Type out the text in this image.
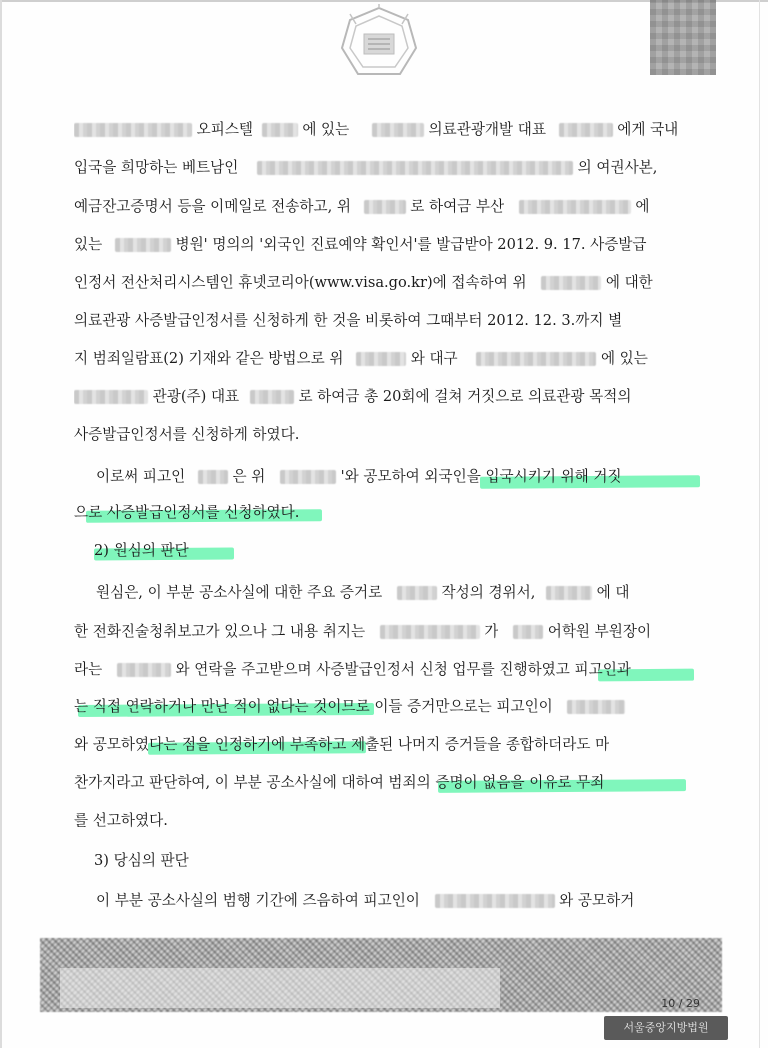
오피스텔	에 있는	의료관광개발 대표	에게 국내
입국을 희망하는 베트남인	의 여권사본,
예금잔고증명서 등을 이메일로 전송하고, 위	로 하여금 부산	에
있는	병원' 명의의 '외국인 진료예약 확인서'를 발급받아 2012. 9. 17. 사증발급
인정서 전산처리시스템인 휴넷코리아(www.visa.go.kr)에 접속하여 위	에 대한
의료관광 사증발급인정서를 신청하게 한 것을 비롯하여 그때부터 2012. 12. 3.까지 별
지 범죄일람표(2) 기재와 같은 방법으로 위	와 대구	에 있는
관광(주) 대표	로 하여금 총 20회에 걸쳐 거짓으로 의료관광 목적의
사증발급인정서를 신청하게 하였다.
이로써 피고인	은 위	'와 공모하여 외국인을 입국시키기 위해 거짓
으로 사증발급인정서를 신청하였다.
2) 원심의 판단
원심은, 이 부분 공소사실에 대한 주요 증거로	작성의 경위서,	에 대
한 전화진술청취보고가 있으나 그 내용 취지는	가	어학원 부원장이
라는	와 연락을 주고받으며 사증발급인정서 신청 업무를 진행하였고 피고인과
는 직접 연락하거나 만난 적이 없다는 것이므로 이들 증거만으로는 피고인이
와 공모하였다는 점을 인정하기에 부족하고 제출된 나머지 증거들을 종합하더라도 마
찬가지라고 판단하여, 이 부분 공소사실에 대하여 범죄의 증명이 없음을 이유로 무죄
를 선고하였다.
3) 당심의 판단
이 부분 공소사실의 범행 기간에 즈음하여 피고인이	와 공모하거
10 / 29
서울중앙지방법원
